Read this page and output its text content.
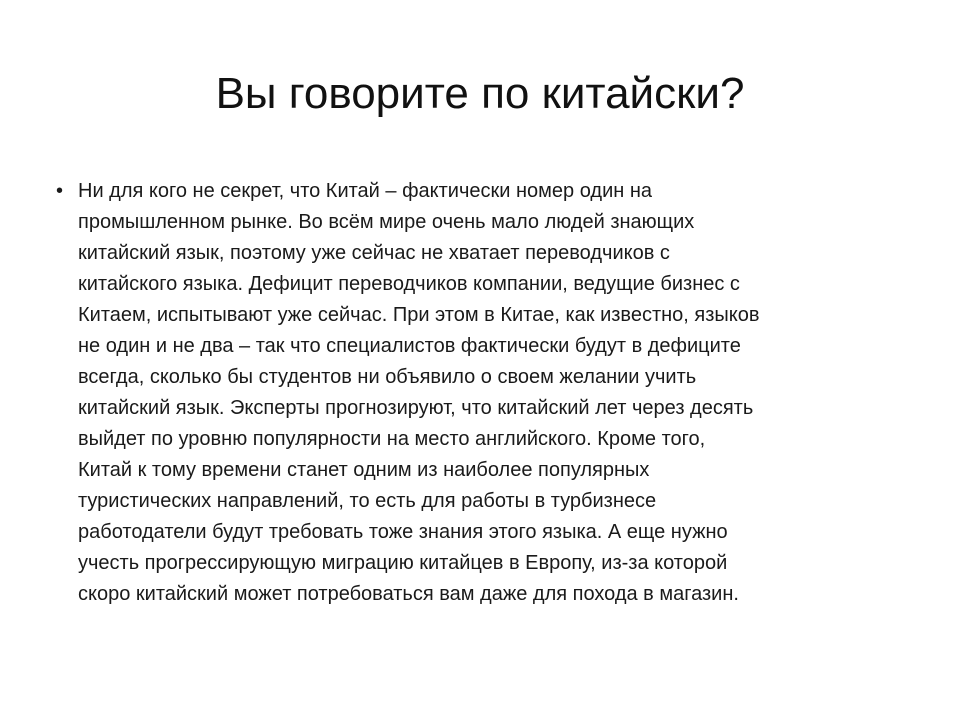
Вы говорите по китайски?
• Ни для кого не секрет, что Китай – фактически номер один на
промышленном рынке. Во всём мире очень мало людей знающих
китайский язык, поэтому уже сейчас не хватает переводчиков с
китайского языка. Дефицит переводчиков компании, ведущие бизнес с
Китаем, испытывают уже сейчас. При этом в Китае, как известно, языков
не один и не два – так что специалистов фактически будут в дефиците
всегда, сколько бы студентов ни объявило о своем желании учить
китайский язык. Эксперты прогнозируют, что китайский лет через десять
выйдет по уровню популярности на место английского. Кроме того,
Китай к тому времени станет одним из наиболее популярных
туристических направлений, то есть для работы в турбизнесе
работодатели будут требовать тоже знания этого языка. А еще нужно
учесть прогрессирующую миграцию китайцев в Европу, из-за которой
скоро китайский может потребоваться вам даже для похода в магазин.
